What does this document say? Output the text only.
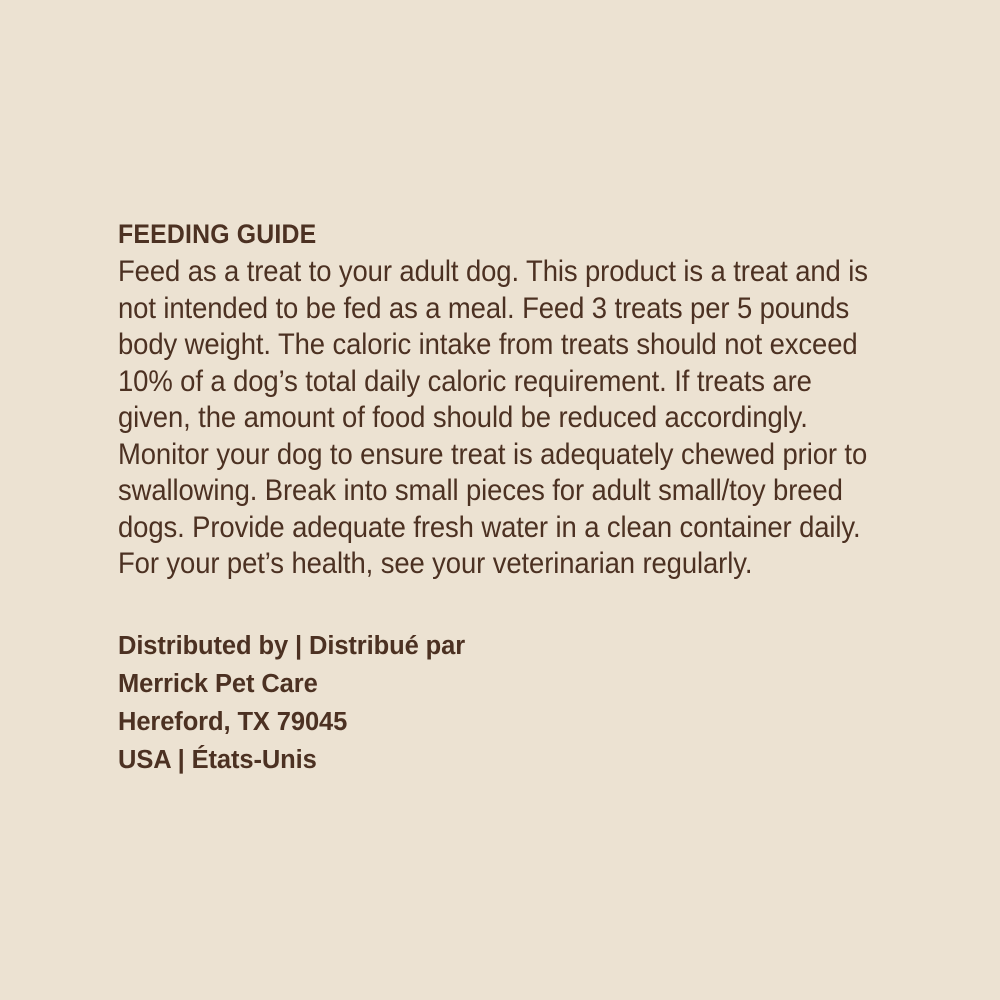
FEEDING GUIDE

Feed as a treat to your adult dog. This product is a treat and is not intended to be fed as a meal. Feed 3 treats per 5 pounds body weight. The caloric intake from treats should not exceed 10% of a dog’s total daily caloric requirement. If treats are given, the amount of food should be reduced accordingly. Monitor your dog to ensure treat is adequately chewed prior to swallowing. Break into small pieces for adult small/toy breed dogs. Provide adequate fresh water in a clean container daily. For your pet’s health, see your veterinarian regularly.

Distributed by | Distribué par
Merrick Pet Care
Hereford, TX 79045
USA | États-Unis
